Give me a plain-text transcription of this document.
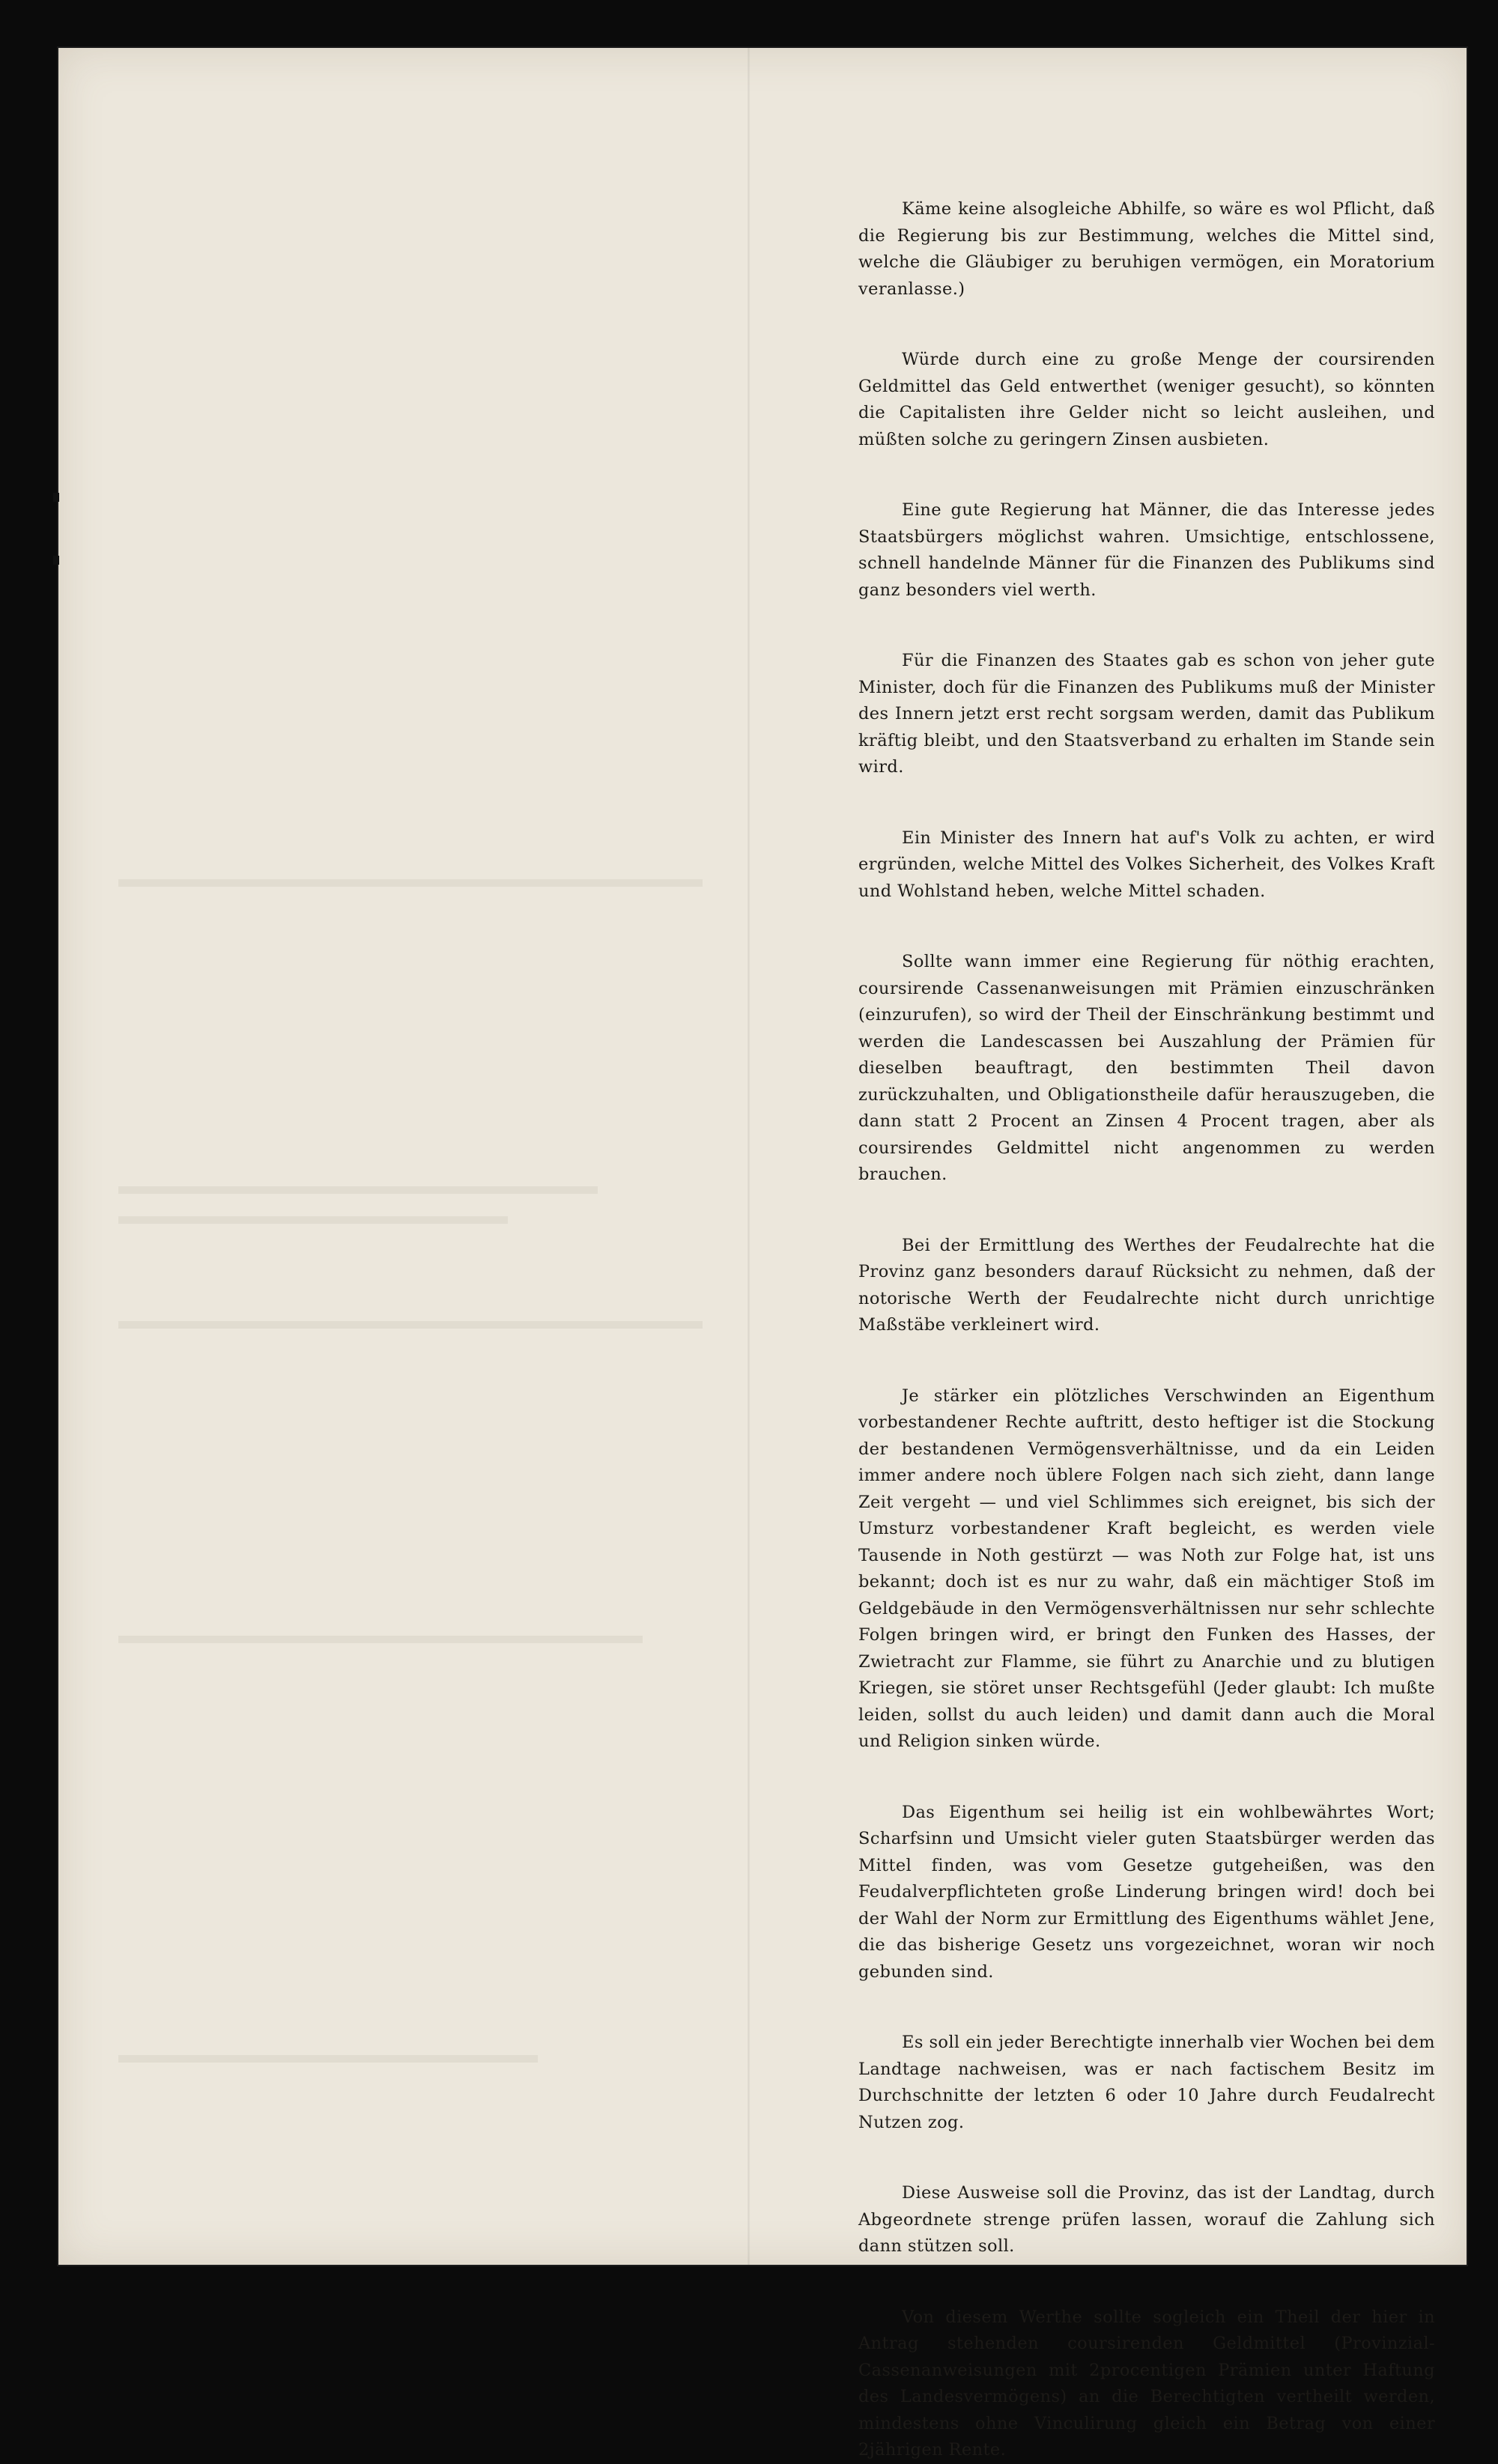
Käme keine alsogleiche Abhilfe, so wäre es wol Pflicht, daß die Regierung bis zur Bestimmung, welches die Mittel sind, welche die Gläubiger zu beruhigen vermögen, ein Moratorium veranlasse.)

Würde durch eine zu große Menge der coursirenden Geldmittel das Geld entwerthet (weniger gesucht), so könnten die Capitalisten ihre Gelder nicht so leicht ausleihen, und müßten solche zu geringern Zinsen ausbieten.

Eine gute Regierung hat Männer, die das Interesse jedes Staatsbürgers möglichst wahren. Umsichtige, entschlossene, schnell handelnde Männer für die Finanzen des Publikums sind ganz besonders viel werth.

Für die Finanzen des Staates gab es schon von jeher gute Minister, doch für die Finanzen des Publikums muß der Minister des Innern jetzt erst recht sorgsam werden, damit das Publikum kräftig bleibt, und den Staatsverband zu erhalten im Stande sein wird.

Ein Minister des Innern hat auf's Volk zu achten, er wird ergründen, welche Mittel des Volkes Sicherheit, des Volkes Kraft und Wohlstand heben, welche Mittel schaden.

Sollte wann immer eine Regierung für nöthig erachten, coursirende Cassenanweisungen mit Prämien einzuschränken (einzurufen), so wird der Theil der Einschränkung bestimmt und werden die Landescassen bei Auszahlung der Prämien für dieselben beauftragt, den bestimmten Theil davon zurückzuhalten, und Obligationstheile dafür herauszugeben, die dann statt 2 Procent an Zinsen 4 Procent tragen, aber als coursirendes Geldmittel nicht angenommen zu werden brauchen.

Bei der Ermittlung des Werthes der Feudalrechte hat die Provinz ganz besonders darauf Rücksicht zu nehmen, daß der notorische Werth der Feudalrechte nicht durch unrichtige Maßstäbe verkleinert wird.

Je stärker ein plötzliches Verschwinden an Eigenthum vorbestandener Rechte auftritt, desto heftiger ist die Stockung der bestandenen Vermögensverhältnisse, und da ein Leiden immer andere noch üblere Folgen nach sich zieht, dann lange Zeit vergeht — und viel Schlimmes sich ereignet, bis sich der Umsturz vorbestandener Kraft begleicht, es werden viele Tausende in Noth gestürzt — was Noth zur Folge hat, ist uns bekannt; doch ist es nur zu wahr, daß ein mächtiger Stoß im Geldgebäude in den Vermögensverhältnissen nur sehr schlechte Folgen bringen wird, er bringt den Funken des Hasses, der Zwietracht zur Flamme, sie führt zu Anarchie und zu blutigen Kriegen, sie störet unser Rechtsgefühl (Jeder glaubt: Ich mußte leiden, sollst du auch leiden) und damit dann auch die Moral und Religion sinken würde.

Das Eigenthum sei heilig ist ein wohlbewährtes Wort; Scharfsinn und Umsicht vieler guten Staatsbürger werden das Mittel finden, was vom Gesetze gutgeheißen, was den Feudalverpflichteten große Linderung bringen wird! doch bei der Wahl der Norm zur Ermittlung des Eigenthums wählet Jene, die das bisherige Gesetz uns vorgezeichnet, woran wir noch gebunden sind.

Es soll ein jeder Berechtigte innerhalb vier Wochen bei dem Landtage nachweisen, was er nach factischem Besitz im Durchschnitte der letzten 6 oder 10 Jahre durch Feudalrecht Nutzen zog.

Diese Ausweise soll die Provinz, das ist der Landtag, durch Abgeordnete strenge prüfen lassen, worauf die Zahlung sich dann stützen soll.

Von diesem Werthe sollte sogleich ein Theil der hier in Antrag stehenden coursirenden Geldmittel (Provinzial-Cassenanweisungen mit 2procentigen Prämien unter Haftung des Landesvermögens) an die Berechtigten vertheilt werden, mindestens ohne Vinculirung gleich ein Betrag von einer 2jährigen Rente.
